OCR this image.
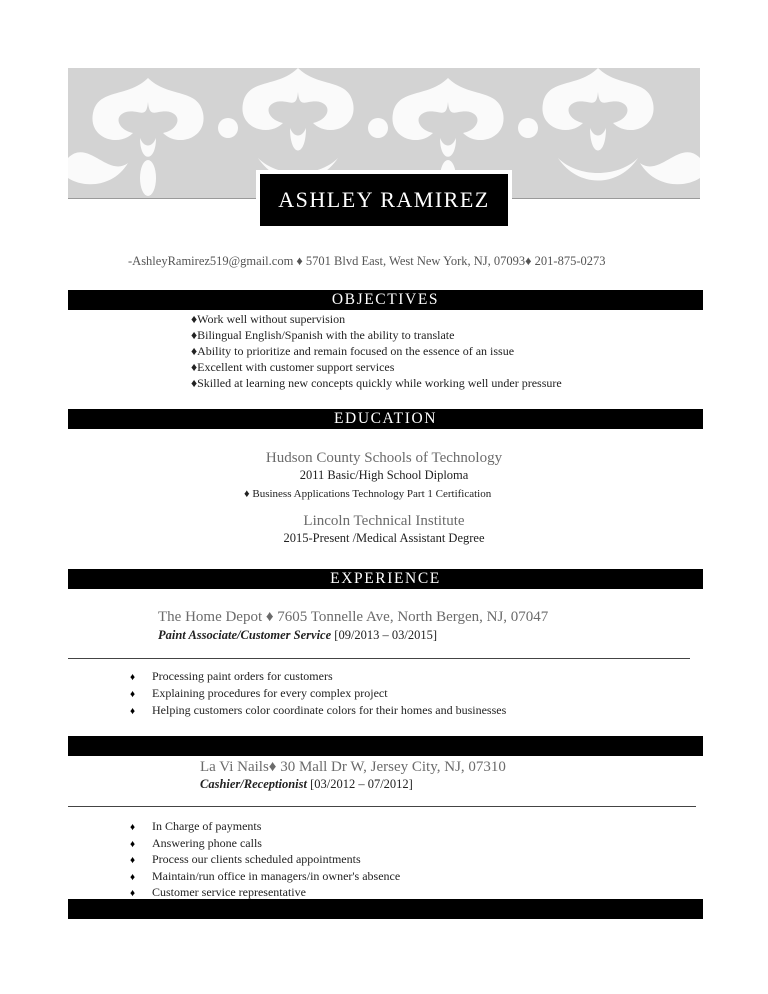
ASHLEY RAMIREZ
-AshleyRamirez519@gmail.com ♦ 5701 Blvd East, West New York, NJ, 07093♦ 201-875-0273
OBJECTIVES
♦Work well without supervision
♦Bilingual English/Spanish with the ability to translate
♦Ability to prioritize and remain focused on the essence of an issue
♦Excellent with customer support services
♦Skilled at learning new concepts quickly while working well under pressure
EDUCATION
Hudson County Schools of Technology
2011 Basic/High School Diploma
♦ Business Applications Technology Part 1 Certification
Lincoln Technical Institute
2015-Present /Medical Assistant Degree
EXPERIENCE
The Home Depot ♦ 7605 Tonnelle Ave, North Bergen, NJ, 07047
Paint Associate/Customer Service [09/2013 – 03/2015]
♦ Processing paint orders for customers
♦ Explaining procedures for every complex project
♦ Helping customers color coordinate colors for their homes and businesses
La Vi Nails♦ 30 Mall Dr W, Jersey City, NJ, 07310
Cashier/Receptionist [03/2012 – 07/2012]
♦ In Charge of payments
♦ Answering phone calls
♦ Process our clients scheduled appointments
♦ Maintain/run office in managers/in owner's absence
♦ Customer service representative
